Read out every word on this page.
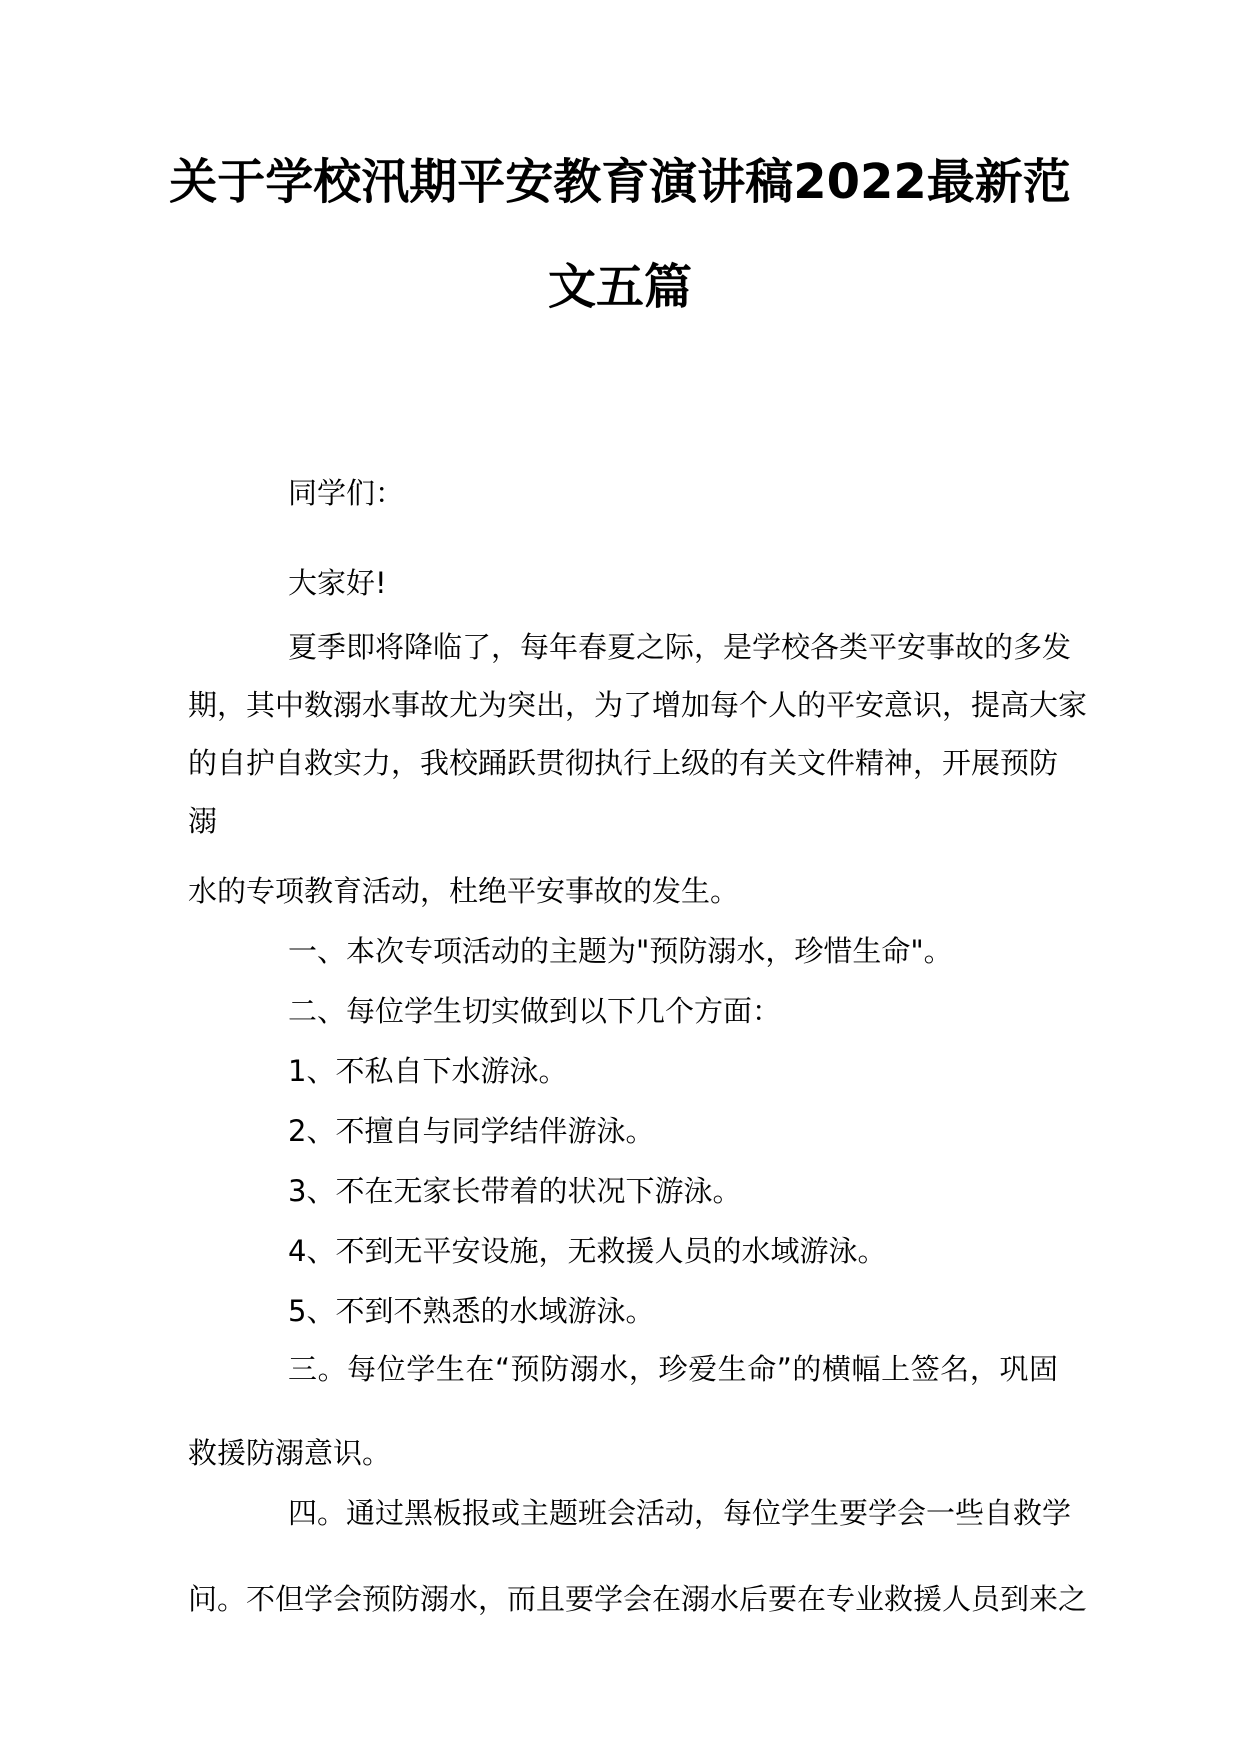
关于学校汛期平安教育演讲稿2022最新范
文五篇

同学们：

大家好!

夏季即将降临了，每年春夏之际，是学校各类平安事故的多发

期，其中数溺水事故尤为突出，为了增加每个人的平安意识，提高大家

的自护自救实力，我校踊跃贯彻执行上级的有关文件精神，开展预防

溺

水的专项教育活动，杜绝平安事故的发生。

一、本次专项活动的主题为"预防溺水，珍惜生命"。

二、每位学生切实做到以下几个方面：

1、不私自下水游泳。

2、不擅自与同学结伴游泳。

3、不在无家长带着的状况下游泳。

4、不到无平安设施，无救援人员的水域游泳。

5、不到不熟悉的水域游泳。

三。每位学生在“预防溺水，珍爱生命”的横幅上签名，巩固

救援防溺意识。

四。通过黑板报或主题班会活动，每位学生要学会一些自救学

问。不但学会预防溺水，而且要学会在溺水后要在专业救援人员到来之
